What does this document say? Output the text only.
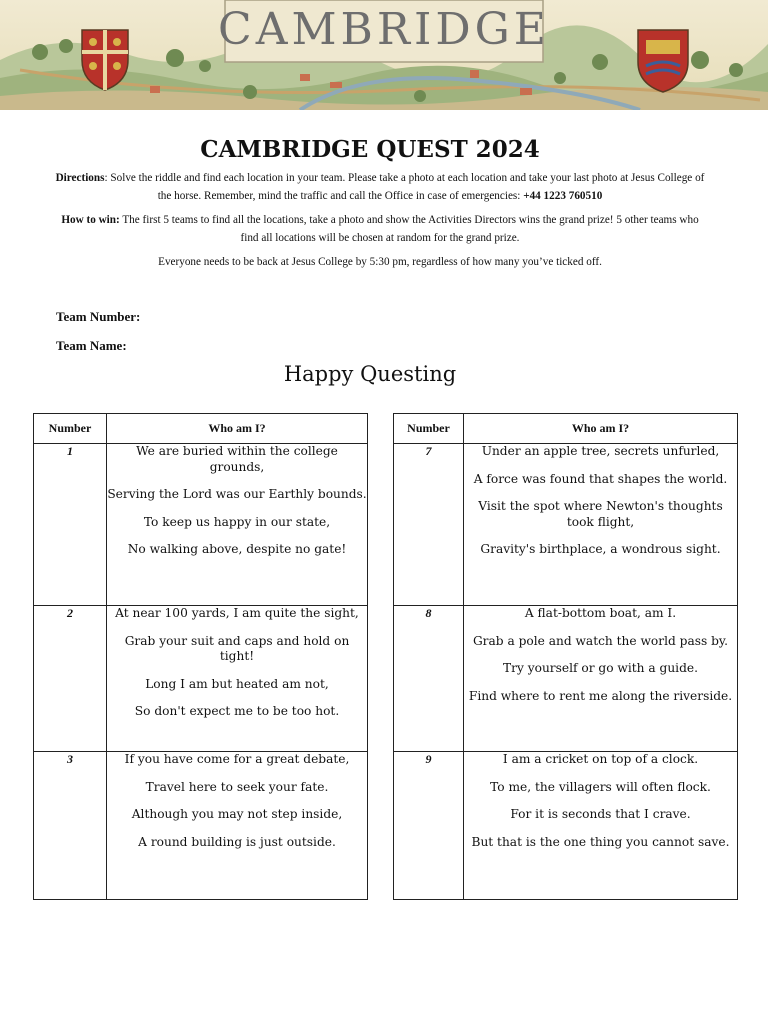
CAMBRIDGE
CAMBRIDGE QUEST 2024
Directions: Solve the riddle and find each location in your team. Please take a photo at each location and take your last photo at Jesus College of the horse. Remember, mind the traffic and call the Office in case of emergencies: +44 1223 760510
How to win: The first 5 teams to find all the locations, take a photo and show the Activities Directors wins the grand prize! 5 other teams who find all locations will be chosen at random for the grand prize.
Everyone needs to be back at Jesus College by 5:30 pm, regardless of how many you’ve ticked off.
Team Number:
Team Name:
Happy Questing
Number	Who am I?
1	We are buried within the college grounds,

Serving the Lord was our Earthly bounds.

To keep us happy in our state,

No walking above, despite no gate!

2	At near 100 yards, I am quite the sight,

Grab your suit and caps and hold on tight!

Long I am but heated am not,

So don't expect me to be too hot.

3	If you have come for a great debate,

Travel here to seek your fate.

Although you may not step inside,

A round building is just outside.

Number	Who am I?
7	Under an apple tree, secrets unfurled,

A force was found that shapes the world.

Visit the spot where Newton's thoughts took flight,

Gravity's birthplace, a wondrous sight.

8	A flat-bottom boat, am I.

Grab a pole and watch the world pass by.

Try yourself or go with a guide.

Find where to rent me along the riverside.

9	I am a cricket on top of a clock.

To me, the villagers will often flock.

For it is seconds that I crave.

But that is the one thing you cannot save.
